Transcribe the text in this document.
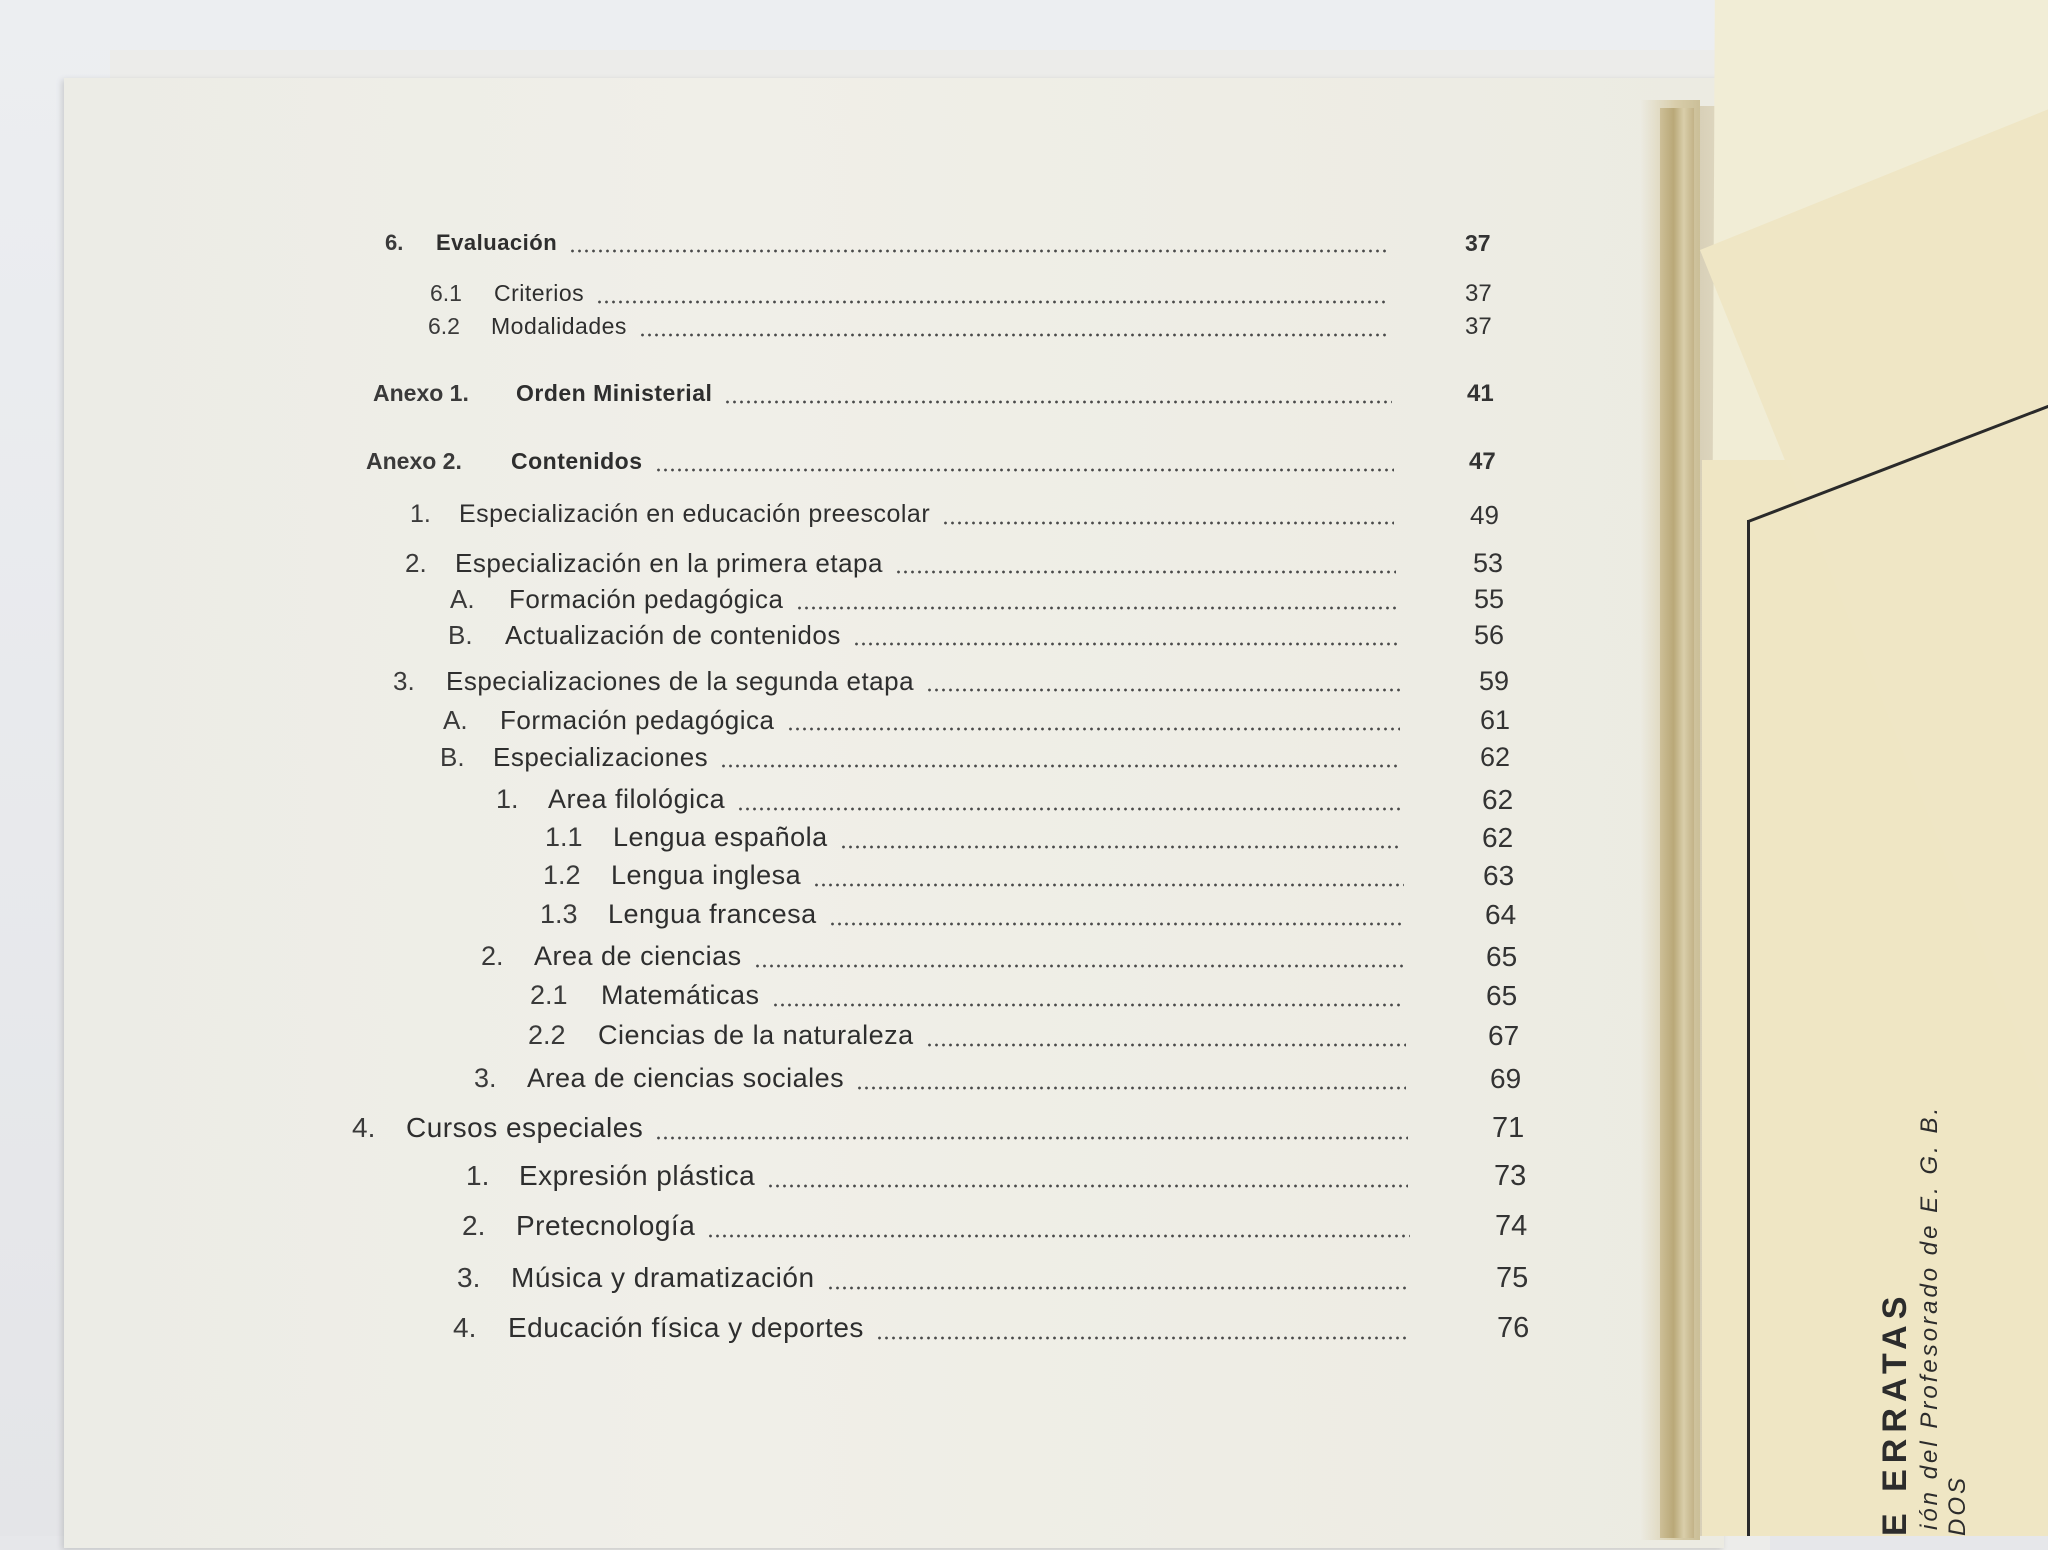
E ERRATAS ión del Profesorado de E. G. B. DOS
6. Evaluación	37
6.1 Criterios	37
6.2 Modalidades	37
Anexo 1. Orden Ministerial	41
Anexo 2. Contenidos	47
1. Especialización en educación preescolar	49
2. Especialización en la primera etapa	53
A. Formación pedagógica	55
B. Actualización de contenidos	56
3. Especializaciones de la segunda etapa	59
A. Formación pedagógica	61
B. Especializaciones	62
1. Area filológica	62
1.1 Lengua española	62
1.2 Lengua inglesa	63
1.3 Lengua francesa	64
2. Area de ciencias	65
2.1 Matemáticas	65
2.2 Ciencias de la naturaleza	67
3. Area de ciencias sociales	69
4. Cursos especiales	71
1. Expresión plástica	73
2. Pretecnología	74
3. Música y dramatización	75
4. Educación física y deportes	76
